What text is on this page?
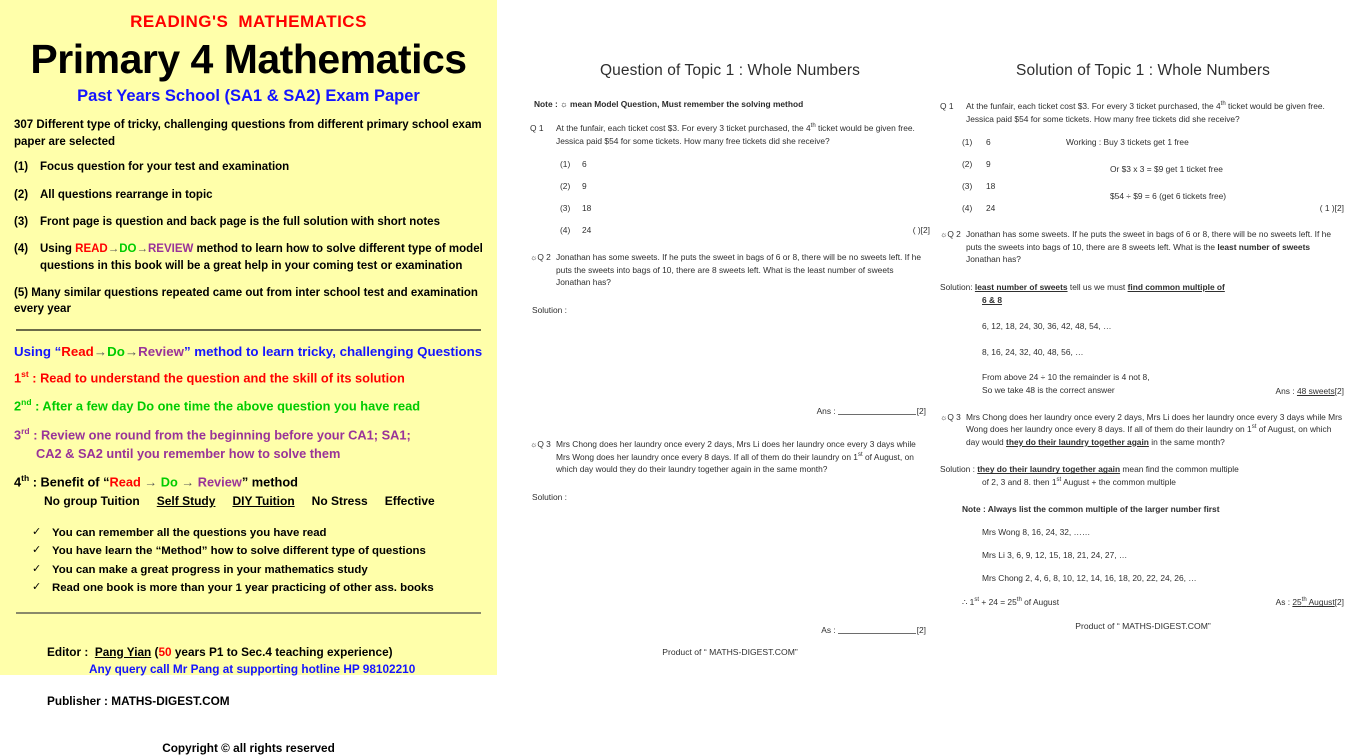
READING'S MATHEMATICS
Primary 4 Mathematics
Past Years School (SA1 & SA2) Exam Paper
307 Different type of tricky, challenging questions from different primary school exam paper are selected
(1)	Focus question for your test and examination
(2)	All questions rearrange in topic
(3)	Front page is question and back page is the full solution with short notes
(4)	Using READ→DO→REVIEW method to learn how to solve different type of model questions in this book will be a great help in your coming test or examination
(5) Many similar questions repeated came out from inter school test and examination every year
Using “Read→Do→Review” method to learn tricky, challenging Questions
1st : Read to understand the question and the skill of its solution
2nd : After a few day Do one time the above question you have read
3rd : Review one round from the beginning before your CA1; SA1;
CA2 & SA2 until you remember how to solve them
4th : Benefit of “Read → Do → Review” method
No group Tuition Self Study DIY Tuition No Stress Effective
✓ You can remember all the questions you have read
✓ You have learn the “Method” how to solve different type of questions
✓ You can make a great progress in your mathematics study
✓ Read one book is more than your 1 year practicing of other ass. books
Editor : Pang Yian (50 years P1 to Sec.4 teaching experience)
Any query call Mr Pang at supporting hotline HP 98102210
Publisher : MATHS-DIGEST.COM
Copyright © all rights reserved
Question of Topic 1 : Whole Numbers
Note : ☼ mean Model Question, Must remember the solving method
Q 1	At the funfair, each ticket cost $3. For every 3 ticket purchased, the 4th ticket would be given free. Jessica paid $54 for some tickets. How many free tickets did she receive?
(1) 6
(2) 9
(3) 18
(4) 24	( )[2]
☼Q 2 Jonathan has some sweets. If he puts the sweet in bags of 6 or 8, there will be no sweets left. If he puts the sweets into bags of 10, there are 8 sweets left. What is the least number of sweets Jonathan has?
Solution :
Ans :	[2]
☼Q 3 Mrs Chong does her laundry once every 2 days, Mrs Li does her laundry once every 3 days while Mrs Wong does her laundry once every 8 days. If all of them do their laundry on 1st of August, on which day would they do their laundry together again in the same month?
Solution :
As :	[2]
Product of “ MATHS-DIGEST.COM”
Solution of Topic 1 : Whole Numbers
Q 1	At the funfair, each ticket cost $3. For every 3 ticket purchased, the 4th ticket would be given free. Jessica paid $54 for some tickets. How many free tickets did she receive?
Working : Buy 3 tickets get 1 free
Or $3 x 3 = $9 get 1 ticket free
$54 ÷ $9 = 6 (get 6 tickets free)
(1) 6
(2) 9
(3) 18
(4) 24	( 1 )[2]
☼Q 2 Jonathan has some sweets. If he puts the sweet in bags of 6 or 8, there will be no sweets left. If he puts the sweets into bags of 10, there are 8 sweets left. What is the least number of sweets Jonathan has?
Solution: least number of sweets tell us we must find common multiple of
6 & 8
6, 12, 18, 24, 30, 36, 42, 48, 54, …
8, 16, 24, 32, 40, 48, 56, …
From above 24 ÷ 10 the remainder is 4 not 8,
So we take 48 is the correct answer	Ans : 48 sweets[2]
☼Q 3 Mrs Chong does her laundry once every 2 days, Mrs Li does her laundry once every 3 days while Mrs Wong does her laundry once every 8 days. If all of them do their laundry on 1st of August, on which day would they do their laundry together again in the same month?
Solution : they do their laundry together again mean find the common multiple
of 2, 3 and 8. then 1st August + the common multiple
Note : Always list the common multiple of the larger number first
Mrs Wong 8, 16, 24, 32, ……
Mrs Li 3, 6, 9, 12, 15, 18, 21, 24, 27, …
Mrs Chong 2, 4, 6, 8, 10, 12, 14, 16, 18, 20, 22, 24, 26, …
∴ 1st + 24 = 25th of August	As : 25th August[2]
Product of “ MATHS-DIGEST.COM”
